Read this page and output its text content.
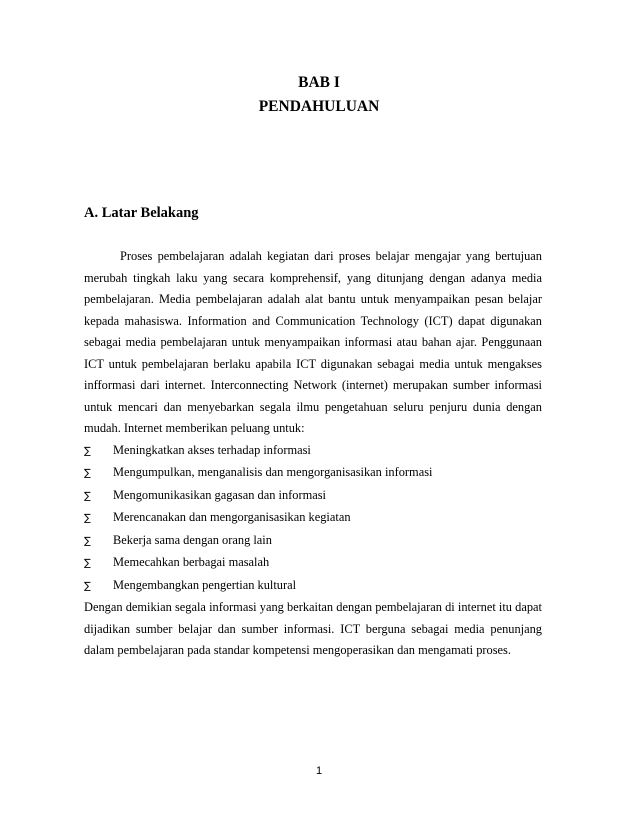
BAB I
PENDAHULUAN
A. Latar Belakang

Proses pembelajaran adalah kegiatan dari proses belajar mengajar yang bertujuan merubah tingkah laku yang secara komprehensif, yang ditunjang dengan adanya media pembelajaran. Media pembelajaran adalah alat bantu untuk menyampaikan pesan belajar kepada mahasiswa. Information and Communication Technology (ICT) dapat digunakan sebagai media pembelajaran untuk menyampaikan informasi atau bahan ajar. Penggunaan ICT untuk pembelajaran berlaku apabila ICT digunakan sebagai media untuk mengakses infformasi dari internet. Interconnecting Network (internet) merupakan sumber informasi untuk mencari dan menyebarkan segala ilmu pengetahuan seluru penjuru dunia dengan mudah. Internet memberikan peluang untuk:

∑	Meningkatkan akses terhadap informasi
∑	Mengumpulkan, menganalisis dan mengorganisasikan informasi
∑	Mengomunikasikan gagasan dan informasi
∑	Merencanakan dan mengorganisasikan kegiatan
∑	Bekerja sama dengan orang lain
∑	Memecahkan berbagai masalah
∑	Mengembangkan pengertian kultural

Dengan demikian segala informasi yang berkaitan dengan pembelajaran di internet itu dapat dijadikan sumber belajar dan sumber informasi. ICT berguna sebagai media penunjang dalam pembelajaran pada standar kompetensi mengoperasikan dan mengamati proses.

1
